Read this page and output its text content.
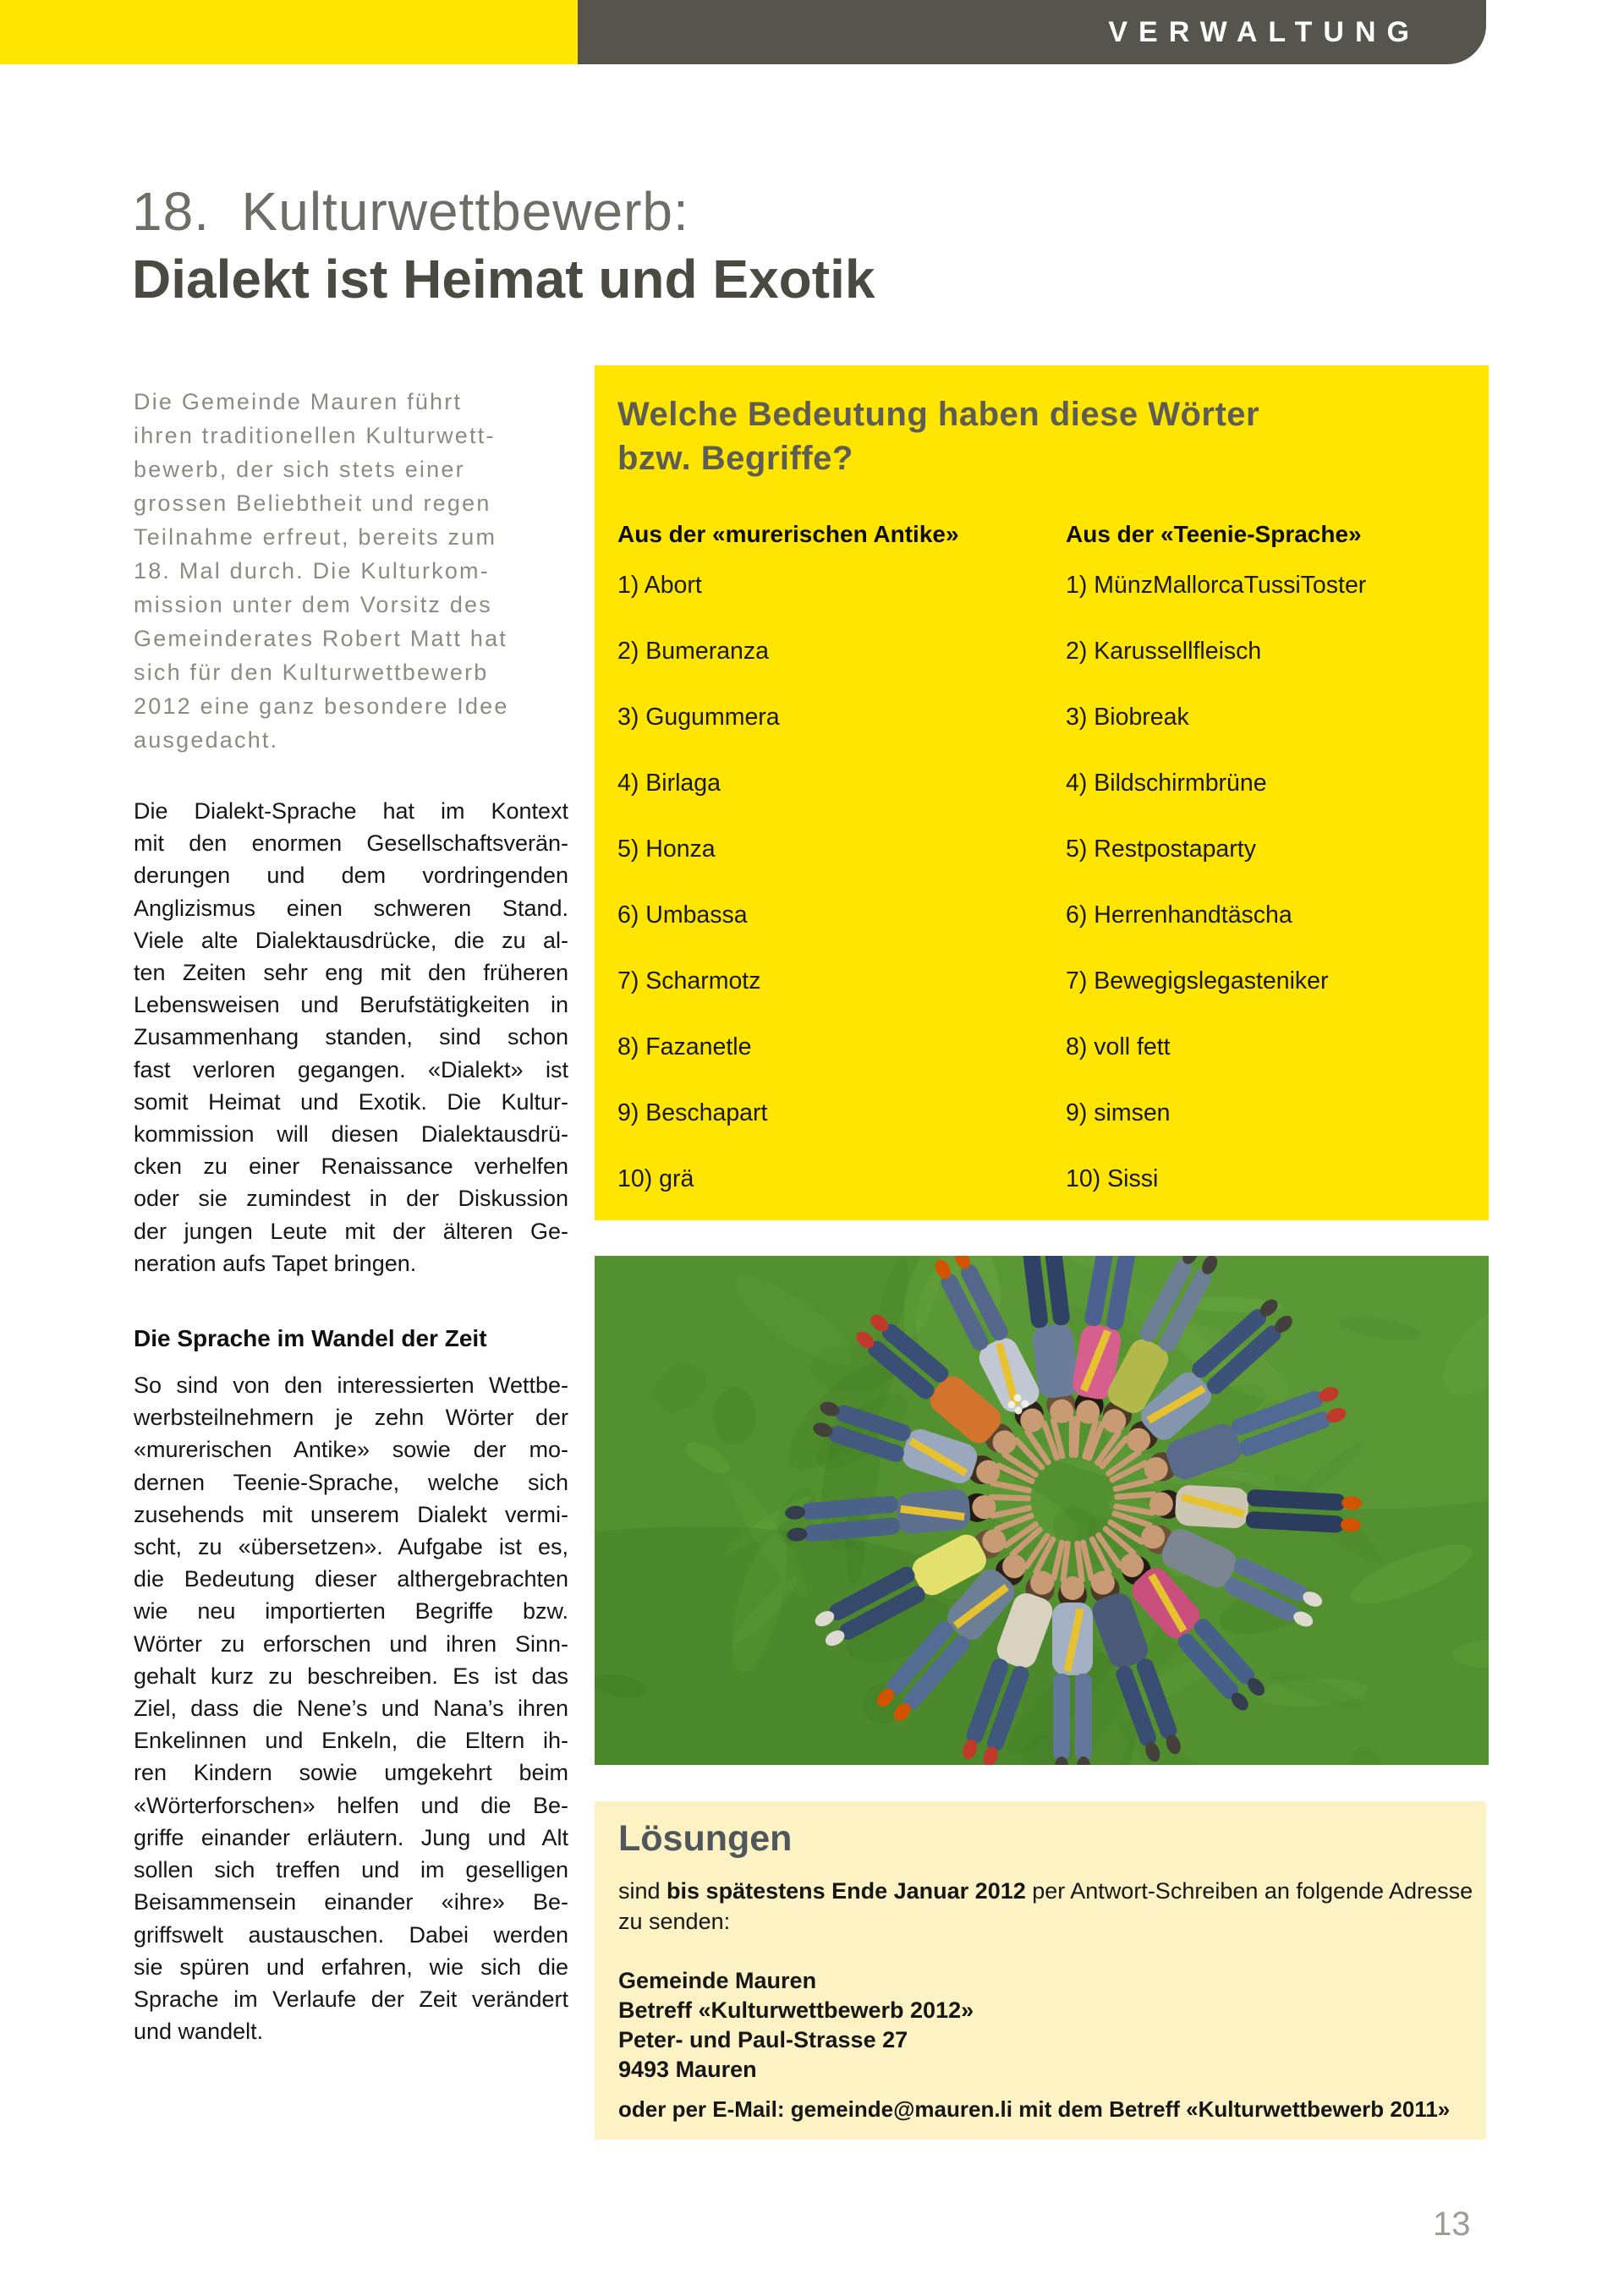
VERWALTUNG
18.  Kulturwettbewerb:
Dialekt ist Heimat und Exotik
Die Gemeinde Mauren führt
ihren traditionellen Kulturwett-
bewerb, der sich stets einer
grossen Beliebtheit und regen
Teilnahme erfreut, bereits zum
18. Mal durch. Die Kulturkom-
mission unter dem Vorsitz des
Gemeinderates Robert Matt hat
sich für den Kulturwettbewerb
2012 eine ganz besondere Idee
ausgedacht.
Die Dialekt-Sprache hat im Kontext
mit den enormen Gesellschaftsverän-
derungen und dem vordringenden
Anglizismus einen schweren Stand.
Viele alte Dialektausdrücke, die zu al-
ten Zeiten sehr eng mit den früheren
Lebensweisen und Berufstätigkeiten in
Zusammenhang standen, sind schon
fast verloren gegangen. «Dialekt» ist
somit Heimat und Exotik. Die Kultur-
kommission will diesen Dialektausdrü-
cken zu einer Renaissance verhelfen
oder sie zumindest in der Diskussion
der jungen Leute mit der älteren Ge-
neration aufs Tapet bringen.
Die Sprache im Wandel der Zeit
So sind von den interessierten Wettbe-
werbsteilnehmern je zehn Wörter der
«murerischen Antike» sowie der mo-
dernen Teenie-Sprache, welche sich
zusehends mit unserem Dialekt vermi-
scht, zu «übersetzen». Aufgabe ist es,
die Bedeutung dieser althergebrachten
wie neu importierten Begriffe bzw.
Wörter zu erforschen und ihren Sinn-
gehalt kurz zu beschreiben. Es ist das
Ziel, dass die Nene’s und Nana’s ihren
Enkelinnen und Enkeln, die Eltern ih-
ren Kindern sowie umgekehrt beim
«Wörterforschen» helfen und die Be-
griffe einander erläutern. Jung und Alt
sollen sich treffen und im geselligen
Beisammensein einander «ihre» Be-
griffswelt austauschen. Dabei werden
sie spüren und erfahren, wie sich die
Sprache im Verlaufe der Zeit verändert
und wandelt.
Welche Bedeutung haben diese Wörter
bzw. Begriffe?
Aus der «murerischen Antike»
1) Abort
2) Bumeranza
3) Gugummera
4) Birlaga
5) Honza
6) Umbassa
7) Scharmotz
8) Fazanetle
9) Beschapart
10) grä
Aus der «Teenie-Sprache»
1) MünzMallorcaTussiToster
2) Karussellfleisch
3) Biobreak
4) Bildschirmbrüne
5) Restpostaparty
6) Herrenhandtäscha
7) Bewegigslegasteniker
8) voll fett
9) simsen
10) Sissi
Lösungen

sind bis spätestens Ende Januar 2012 per Antwort-Schreiben an folgende Adresse zu senden:

Gemeinde Mauren
Betreff «Kulturwettbewerb 2012»
Peter- und Paul-Strasse 27
9493 Mauren

oder per E-Mail: gemeinde@mauren.li mit dem Betreff «Kulturwettbewerb 2011»

13
